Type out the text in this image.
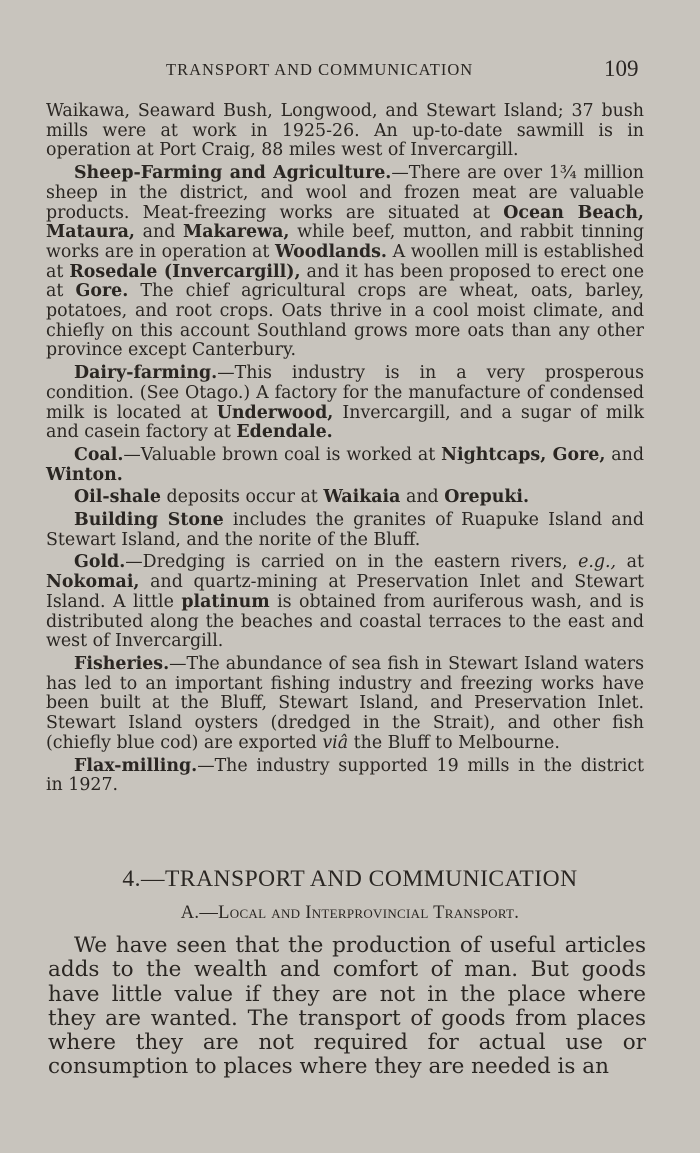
TRANSPORT AND COMMUNICATION	109

Waikawa, Seaward Bush, Longwood, and Stewart Island; 37 bush mills were at work in 1925-26. An up-to-date sawmill is in operation at Port Craig, 88 miles west of Invercargill.

Sheep-Farming and Agriculture.—There are over 1¾ million sheep in the district, and wool and frozen meat are valuable products. Meat-freezing works are situated at Ocean Beach, Mataura, and Makarewa, while beef, mutton, and rabbit tinning works are in operation at Woodlands. A woollen mill is established at Rosedale (Invercargill), and it has been proposed to erect one at Gore. The chief agricultural crops are wheat, oats, barley, potatoes, and root crops. Oats thrive in a cool moist climate, and chiefly on this account Southland grows more oats than any other province except Canterbury.

Dairy-farming.—This industry is in a very prosperous condition. (See Otago.) A factory for the manufacture of condensed milk is located at Underwood, Invercargill, and a sugar of milk and casein factory at Edendale.

Coal.—Valuable brown coal is worked at Nightcaps, Gore, and Winton.

Oil-shale deposits occur at Waikaia and Orepuki.

Building Stone includes the granites of Ruapuke Island and Stewart Island, and the norite of the Bluff.

Gold.—Dredging is carried on in the eastern rivers, e.g., at Nokomai, and quartz-mining at Preservation Inlet and Stewart Island. A little platinum is obtained from auriferous wash, and is distributed along the beaches and coastal terraces to the east and west of Invercargill.

Fisheries.—The abundance of sea fish in Stewart Island waters has led to an important fishing industry and freezing works have been built at the Bluff, Stewart Island, and Preservation Inlet. Stewart Island oysters (dredged in the Strait), and other fish (chiefly blue cod) are exported viâ the Bluff to Melbourne.

Flax-milling.—The industry supported 19 mills in the district in 1927.

4.—TRANSPORT AND COMMUNICATION
A.—Local and Interprovincial Transport.

We have seen that the production of useful articles adds to the wealth and comfort of man. But goods have little value if they are not in the place where they are wanted. The transport of goods from places where they are not required for actual use or consumption to places where they are needed is an
